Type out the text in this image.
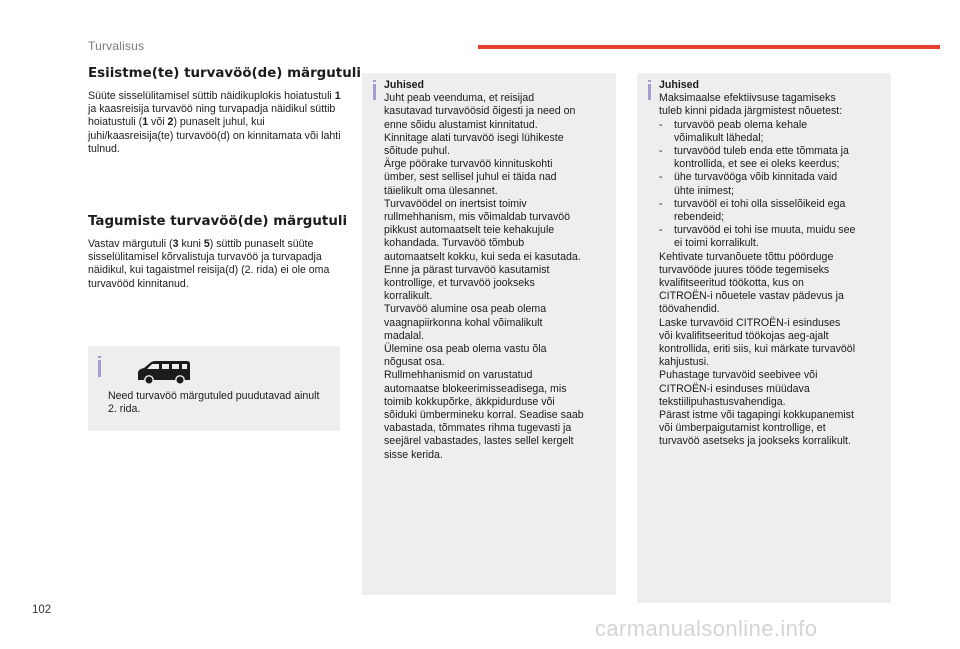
Turvalisus
Esiistme(te) turvavöö(de) märgutuli

Süüte sisselülitamisel süttib näidikuplokis hoiatustuli 1 ja kaasreisija turvavöö ning turvapadja näidikul süttib hoiatustuli (1 või 2) punaselt juhul, kui juhi/kaasreisija(te) turvavöö(d) on kinnitamata või lahti tulnud.

Tagumiste turvavöö(de) märgutuli

Vastav märgutuli (3 kuni 5) süttib punaselt süüte sisselülitamisel kõrvalistuja turvavöö ja turvapadja näidikul, kui tagaistmel reisija(d) (2. rida) ei ole oma turvavööd kinnitanud.

Need turvavöö märgutuled puudutavad ainult 2. rida.
Juhised
Juht peab veenduma, et reisijad
kasutavad turvavöösid õigesti ja need on
enne sõidu alustamist kinnitatud.
Kinnitage alati turvavöö isegi lühikeste
sõitude puhul.
Ärge pöörake turvavöö kinnituskohti
ümber, sest sellisel juhul ei täida nad
täielikult oma ülesannet.
Turvavöödel on inertsist toimiv
rullmehhanism, mis võimaldab turvavöö
pikkust automaatselt teie kehakujule
kohandada. Turvavöö tõmbub
automaatselt kokku, kui seda ei kasutada.
Enne ja pärast turvavöö kasutamist
kontrollige, et turvavöö jookseks
korralikult.
Turvavöö alumine osa peab olema
vaagnapiirkonna kohal võimalikult
madalal.
Ülemine osa peab olema vastu õla
nõgusat osa.
Rullmehhanismid on varustatud
automaatse blokeerimisseadisega, mis
toimib kokkupõrke, äkkpidurduse või
sõiduki ümbermineku korral. Seadise saab
vabastada, tõmmates rihma tugevasti ja
seejärel vabastades, lastes sellel kergelt
sisse kerida.
Juhised
Maksimaalse efektiivsuse tagamiseks
tuleb kinni pidada järgmistest nõuetest:
- turvavöö peab olema kehale
võimalikult lähedal;
- turvavööd tuleb enda ette tõmmata ja
kontrollida, et see ei oleks keerdus;
- ühe turvavööga võib kinnitada vaid
ühte inimest;
- turvavööl ei tohi olla sisselõikeid ega
rebendeid;
- turvavööd ei tohi ise muuta, muidu see
ei toimi korralikult.
Kehtivate turvanõuete tõttu pöörduge
turvavööde juures tööde tegemiseks
kvalifitseeritud töökotta, kus on
CITROËN-i nõuetele vastav pädevus ja
töövahendid.
Laske turvavöid CITROËN-i esinduses
või kvalifitseeritud töökojas aeg-ajalt
kontrollida, eriti siis, kui märkate turvavööl
kahjustusi.
Puhastage turvavöid seebivee või
CITROËN-i esinduses müüdava
tekstiilipuhastusvahendiga.
Pärast istme või tagapingi kokkupanemist
või ümberpaigutamist kontrollige, et
turvavöö asetseks ja jookseks korralikult.
102
carmanualsonline.info
